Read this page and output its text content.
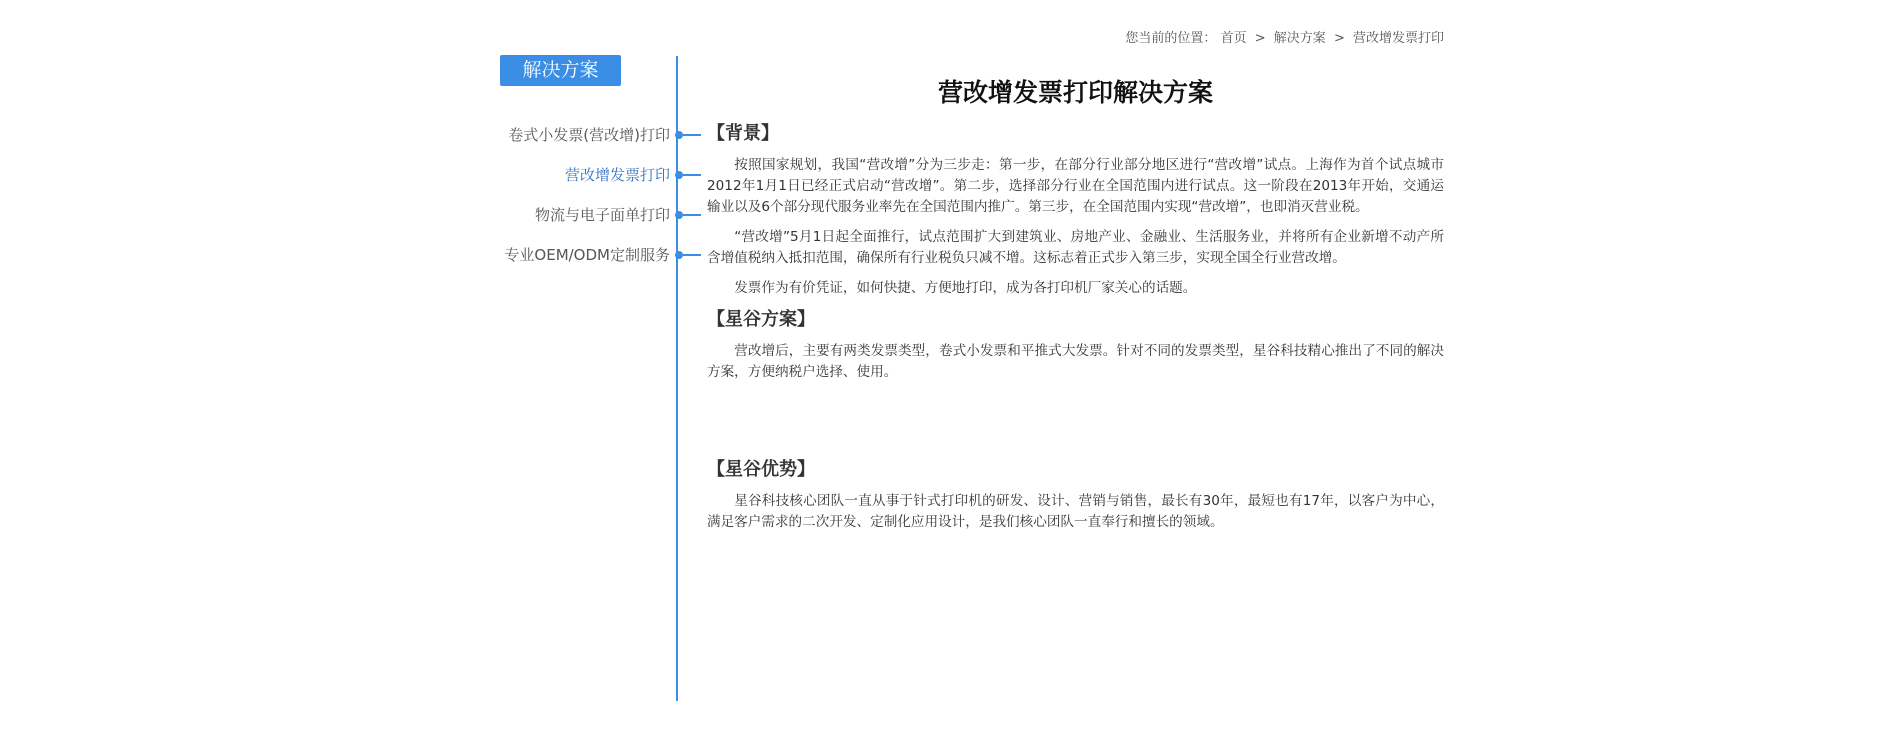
您当前的位置： 首页 > 解决方案 > 营改增发票打印
解决方案
卷式小发票(营改增)打印
营改增发票打印
物流与电子面单打印
专业OEM/ODM定制服务
营改增发票打印解决方案

【背景】

按照国家规划，我国“营改增”分为三步走：第一步，在部分行业部分地区进行“营改增”试点。上海作为首个试点城市2012年1月1日已经正式启动“营改增”。第二步，选择部分行业在全国范围内进行试点。这一阶段在2013年开始，交通运输业以及6个部分现代服务业率先在全国范围内推广。第三步，在全国范围内实现“营改增”，也即消灭营业税。

“营改增”5月1日起全面推行，试点范围扩大到建筑业、房地产业、金融业、生活服务业，并将所有企业新增不动产所含增值税纳入抵扣范围，确保所有行业税负只减不增。这标志着正式步入第三步，实现全国全行业营改增。

发票作为有价凭证，如何快捷、方便地打印，成为各打印机厂家关心的话题。

【星谷方案】

营改增后，主要有两类发票类型，卷式小发票和平推式大发票。针对不同的发票类型，星谷科技精心推出了不同的解决方案，方便纳税户选择、使用。

【星谷优势】

星谷科技核心团队一直从事于针式打印机的研发、设计、营销与销售，最长有30年，最短也有17年，以客户为中心，满足客户需求的二次开发、定制化应用设计，是我们核心团队一直奉行和擅长的领域。
